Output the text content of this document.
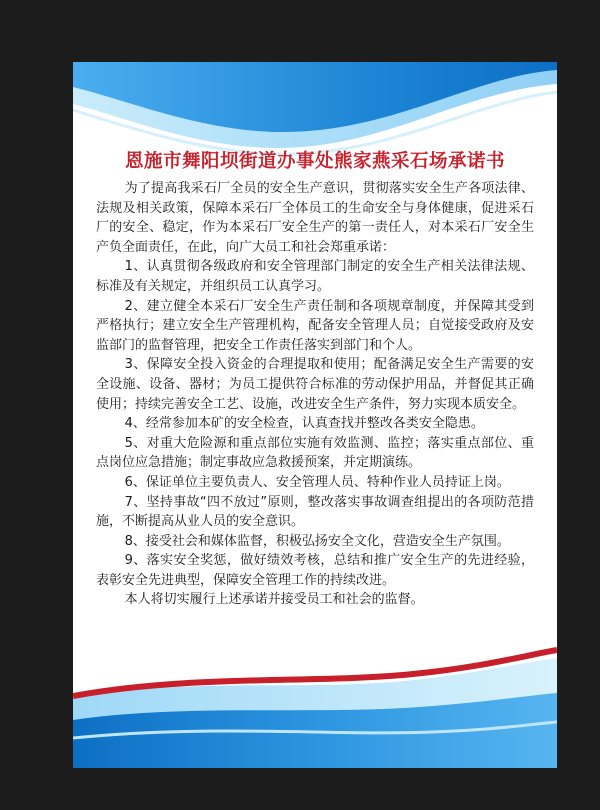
恩施市舞阳坝街道办事处熊家燕采石场承诺书

为了提高我采石厂全员的安全生产意识，贯彻落实安全生产各项法律、法规及相关政策，保障本采石厂全体员工的生命安全与身体健康，促进采石厂的安全、稳定，作为本采石厂安全生产的第一责任人，对本采石厂安全生产负全面责任，在此，向广大员工和社会郑重承诺：

1、认真贯彻各级政府和安全管理部门制定的安全生产相关法律法规、标准及有关规定，并组织员工认真学习。

2、建立健全本采石厂安全生产责任制和各项规章制度，并保障其受到严格执行；建立安全生产管理机构，配备安全管理人员；自觉接受政府及安监部门的监督管理，把安全工作责任落实到部门和个人。

3、保障安全投入资金的合理提取和使用；配备满足安全生产需要的安全设施、设备、器材；为员工提供符合标准的劳动保护用品，并督促其正确使用；持续完善安全工艺、设施，改进安全生产条件，努力实现本质安全。

4、经常参加本矿的安全检查，认真查找并整改各类安全隐患。

5、对重大危险源和重点部位实施有效监测、监控；落实重点部位、重点岗位应急措施；制定事故应急救援预案，并定期演练。

6、保证单位主要负责人、安全管理人员、特种作业人员持证上岗。

7、坚持事故“四不放过”原则，整改落实事故调查组提出的各项防范措施，不断提高从业人员的安全意识。

8、接受社会和媒体监督，积极弘扬安全文化，营造安全生产氛围。

9、落实安全奖惩，做好绩效考核，总结和推广安全生产的先进经验，表彰安全先进典型，保障安全管理工作的持续改进。

本人将切实履行上述承诺并接受员工和社会的监督。
